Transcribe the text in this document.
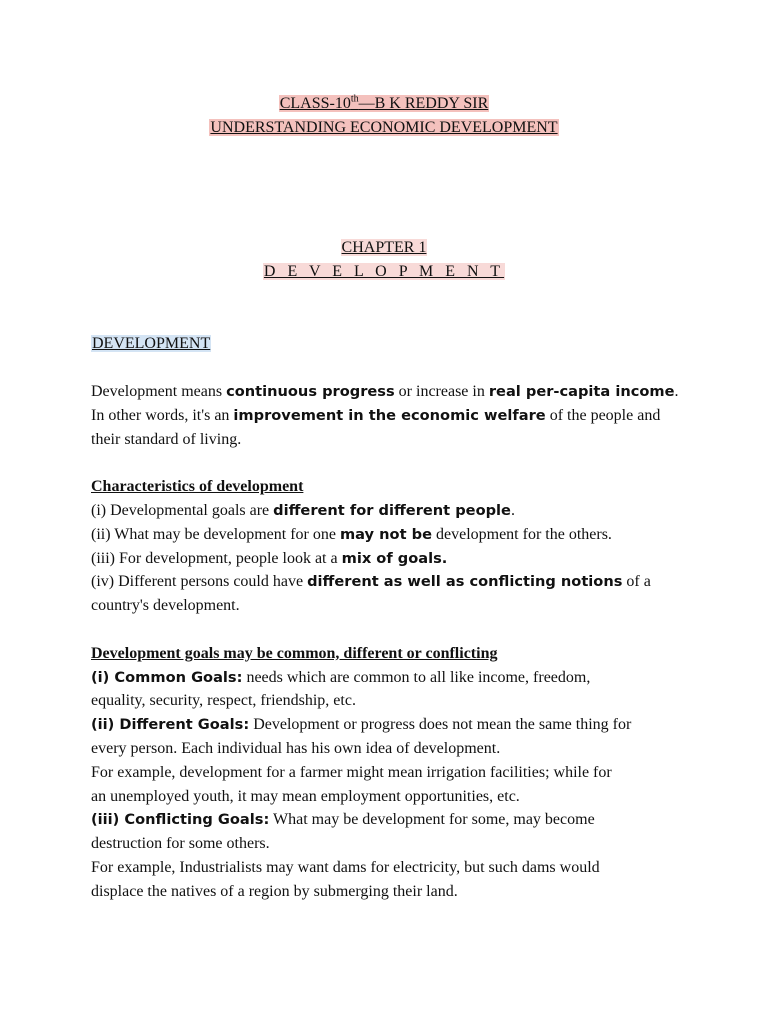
CLASS-10th—B K REDDY SIR
UNDERSTANDING ECONOMIC DEVELOPMENT
CHAPTER 1
D E V E L O P M E N T
DEVELOPMENT

Development means continuous progress or increase in real per-capita income.

In other words, it's an improvement in the economic welfare of the people and

their standard of living.

Characteristics of development

(i) Developmental goals are different for different people.

(ii) What may be development for one may not be development for the others.

(iii) For development, people look at a mix of goals.

(iv) Different persons could have different as well as conflicting notions of a

country's development.

Development goals may be common, different or conflicting

(i) Common Goals: needs which are common to all like income, freedom,

equality, security, respect, friendship, etc.

(ii) Different Goals: Development or progress does not mean the same thing for

every person. Each individual has his own idea of development.

For example, development for a farmer might mean irrigation facilities; while for

an unemployed youth, it may mean employment opportunities, etc.

(iii) Conflicting Goals: What may be development for some, may become

destruction for some others.

For example, Industrialists may want dams for electricity, but such dams would

displace the natives of a region by submerging their land.
